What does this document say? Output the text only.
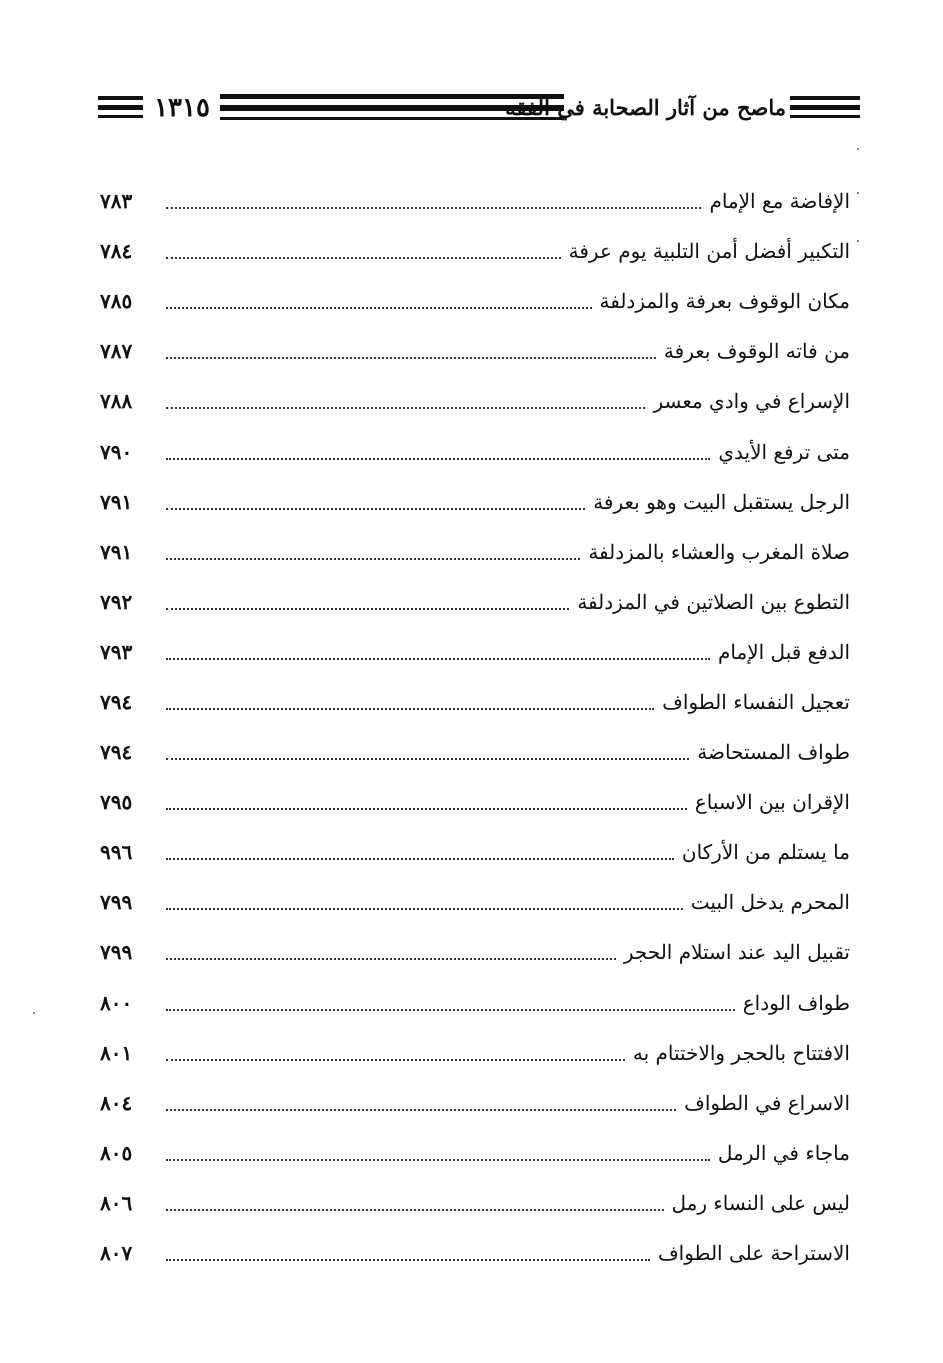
١٣١٥	ماصح من آثار الصحابة في الفقه
الإفاضة مع الإمام
٧٨٣
التكبير أفضل أمن التلبية يوم عرفة
٧٨٤
مكان الوقوف بعرفة والمزدلفة
٧٨٥
من فاته الوقوف بعرفة
٧٨٧
الإسراع في وادي معسر
٧٨٨
متى ترفع الأيدي
٧٩٠
الرجل يستقبل البيت وهو بعرفة
٧٩١
صلاة المغرب والعشاء بالمزدلفة
٧٩١
التطوع بين الصلاتين في المزدلفة
٧٩٢
الدفع قبل الإمام
٧٩٣
تعجيل النفساء الطواف
٧٩٤
طواف المستحاضة
٧٩٤
الإقران بين الاسباع
٧٩٥
ما يستلم من الأركان
٩٩٦
المحرم يدخل البيت
٧٩٩
تقبيل اليد عند استلام الحجر
٧٩٩
طواف الوداع
٨٠٠
الافتتاح بالحجر والاختتام به
٨٠١
الاسراع في الطواف
٨٠٤
ماجاء في الرمل
٨٠٥
ليس على النساء رمل
٨٠٦
الاستراحة على الطواف
٨٠٧
